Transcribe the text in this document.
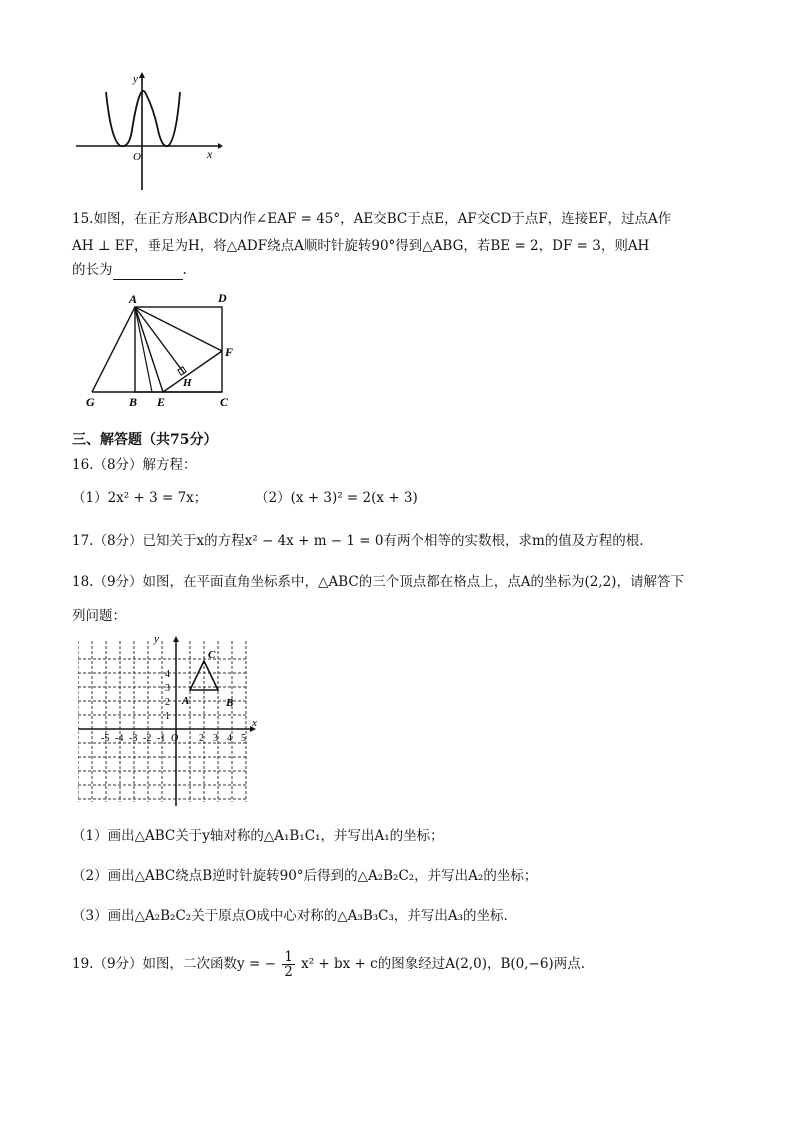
y
x
O
15.如图，在正方形ABCD内作∠EAF = 45°，AE交BC于点E，AF交CD于点F，连接EF，过点A作
AH ⊥ EF，垂足为H，将△ADF绕点A顺时针旋转90°得到△ABG，若BE = 2，DF = 3，则AH
的长为	.
A	D
F
H
G	B E	C
三、解答题（共75分）
16.（8分）解方程：
（1）2x² + 3 = 7x；	（2）(x + 3)² = 2(x + 3)
17.（8分）已知关于x的方程x² − 4x + m − 1 = 0有两个相等的实数根，求m的值及方程的根.
18.（9分）如图，在平面直角坐标系中，△ABC的三个顶点都在格点上，点A的坐标为(2,2)，请解答下
列问题：
x
y
-5 -4 -3 -2 -1 O 2 3 4 5
4
3
2
1
A	B
C
（1）画出△ABC关于y轴对称的△A₁B₁C₁，并写出A₁的坐标；
（2）画出△ABC绕点B逆时针旋转90°后得到的△A₂B₂C₂，并写出A₂的坐标；
（3）画出△A₂B₂C₂关于原点O成中心对称的△A₃B₃C₃，并写出A₃的坐标.
19.（9分）如图，二次函数y = − $\frac{1}{2} x^2$ + bx + c的图象经过A(2,0)，B(0,−6)两点.
